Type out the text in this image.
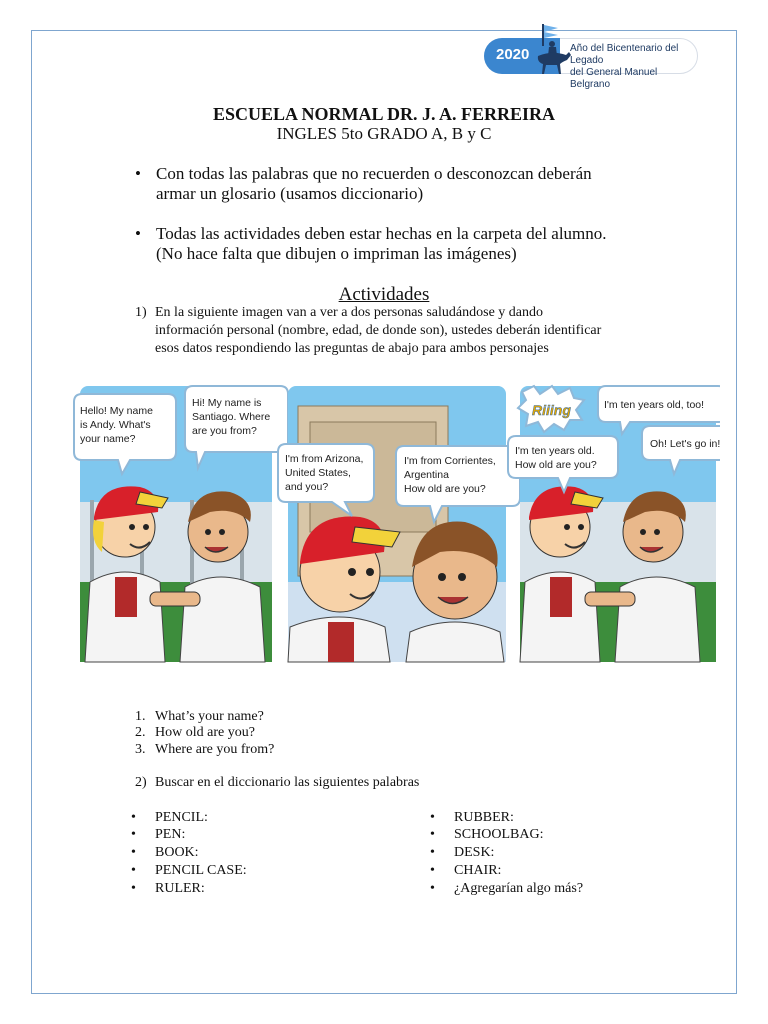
2020	Año del Bicentenario del Legado
del General Manuel Belgrano
ESCUELA NORMAL DR. J. A. FERREIRA
INGLES 5to GRADO A, B y C
• Con todas las palabras que no recuerden o desconozcan deberán
armar un glosario (usamos diccionario)
• Todas las actividades deben estar hechas en la carpeta del alumno.
(No hace falta que dibujen o impriman las imágenes)
Actividades
1) En la siguiente imagen van a ver a dos personas saludándose y dando
información personal (nombre, edad, de donde son), ustedes deberán identificar
esos datos respondiendo las preguntas de abajo para ambos personajes
Hello! My name
is Andy. What's
your name?
Hi! My name is
Santiago. Where
are you from?
I'm from Arizona,
United States,
and you?
I'm from Corrientes,
Argentina
How old are you?
Riiing	I'm ten years old, too!
I'm ten years old.
How old are you?
Oh! Let's go in!
1. What’s your name?
2. How old are you?
3. Where are you from?
2) Buscar en el diccionario las siguientes palabras
• PENCIL:
• PEN:
• BOOK:
• PENCIL CASE:
• RULER:
• RUBBER:
• SCHOOLBAG:
• DESK:
• CHAIR:
• ¿Agregarían algo más?
